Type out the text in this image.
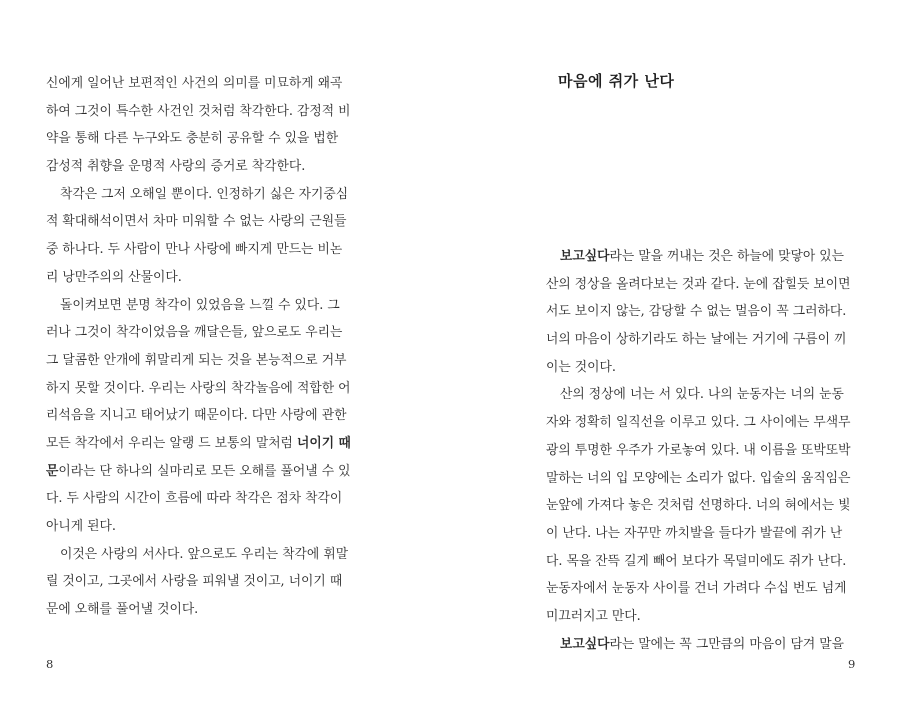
신에게 일어난 보편적인 사건의 의미를 미묘하게 왜곡
하여 그것이 특수한 사건인 것처럼 착각한다. 감정적 비
약을 통해 다른 누구와도 충분히 공유할 수 있을 법한
감성적 취향을 운명적 사랑의 증거로 착각한다.
착각은 그저 오해일 뿐이다. 인정하기 싫은 자기중심
적 확대해석이면서 차마 미워할 수 없는 사랑의 근원들
중 하나다. 두 사람이 만나 사랑에 빠지게 만드는 비논
리 낭만주의의 산물이다.
돌이켜보면 분명 착각이 있었음을 느낄 수 있다. 그
러나 그것이 착각이었음을 깨달은들, 앞으로도 우리는
그 달콤한 안개에 휘말리게 되는 것을 본능적으로 거부
하지 못할 것이다. 우리는 사랑의 착각놀음에 적합한 어
리석음을 지니고 태어났기 때문이다. 다만 사랑에 관한
모든 착각에서 우리는 알랭 드 보통의 말처럼 너이기 때
문이라는 단 하나의 실마리로 모든 오해를 풀어낼 수 있
다. 두 사람의 시간이 흐름에 따라 착각은 점차 착각이
아니게 된다.
이것은 사랑의 서사다. 앞으로도 우리는 착각에 휘말
릴 것이고, 그곳에서 사랑을 피워낼 것이고, 너이기 때
문에 오해를 풀어낼 것이다.
8
마음에 쥐가 난다
보고싶다라는 말을 꺼내는 것은 하늘에 맞닿아 있는
산의 정상을 올려다보는 것과 같다. 눈에 잡힐듯 보이면
서도 보이지 않는, 감당할 수 없는 멀음이 꼭 그러하다.
너의 마음이 상하기라도 하는 날에는 거기에 구름이 끼
이는 것이다.
산의 정상에 너는 서 있다. 나의 눈동자는 너의 눈동
자와 정확히 일직선을 이루고 있다. 그 사이에는 무색무
광의 투명한 우주가 가로놓여 있다. 내 이름을 또박또박
말하는 너의 입 모양에는 소리가 없다. 입술의 움직임은
눈앞에 가져다 놓은 것처럼 선명하다. 너의 혀에서는 빛
이 난다. 나는 자꾸만 까치발을 들다가 발끝에 쥐가 난
다. 목을 잔뜩 길게 빼어 보다가 목덜미에도 쥐가 난다.
눈동자에서 눈동자 사이를 건너 가려다 수십 번도 넘게
미끄러지고 만다.
보고싶다라는 말에는 꼭 그만큼의 마음이 담겨 말을
9
